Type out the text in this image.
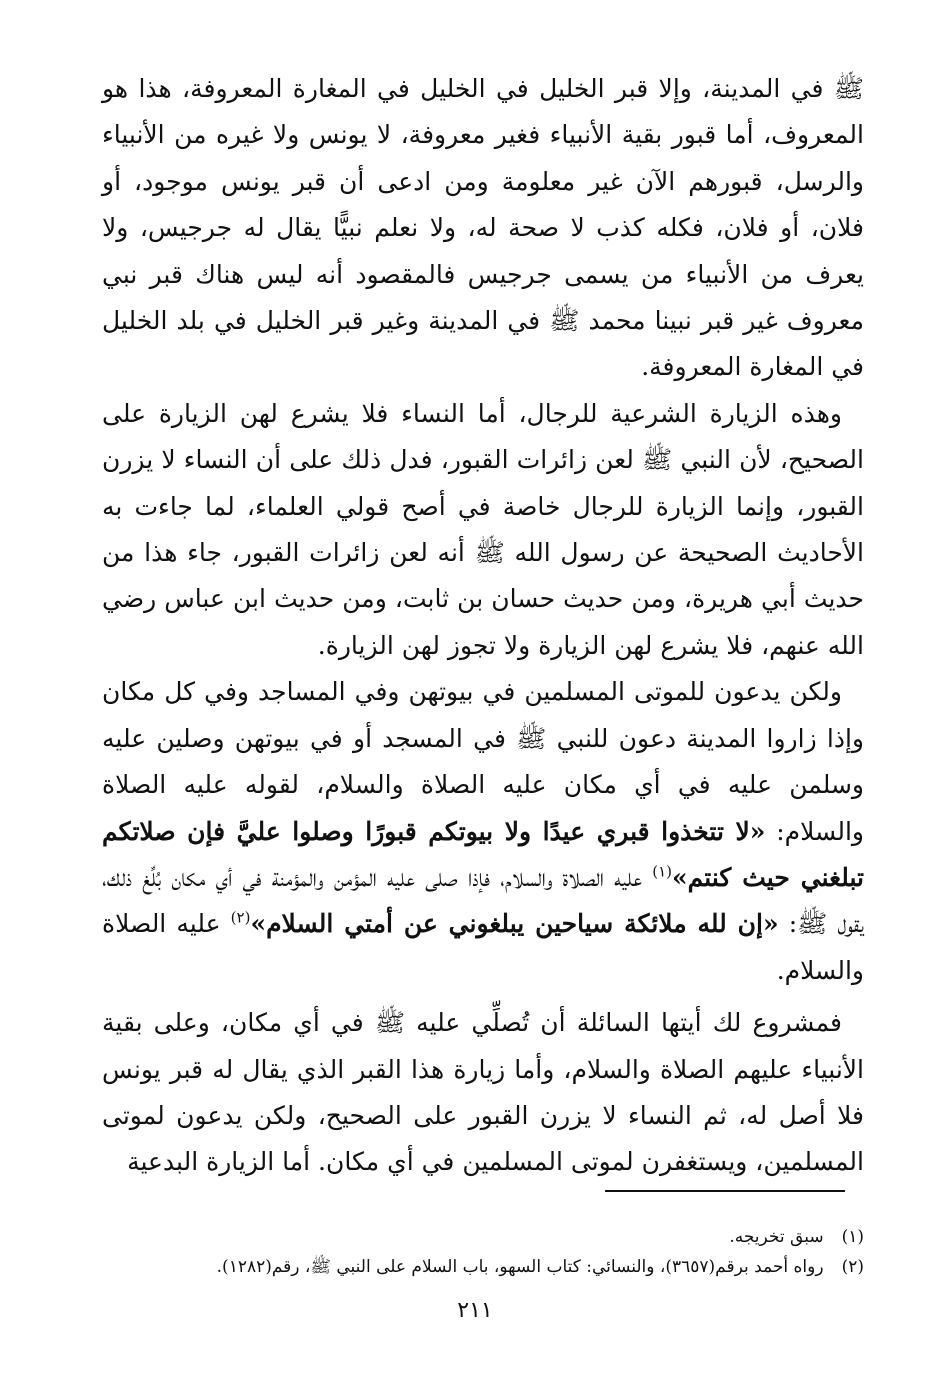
ﷺ في المدينة، وإلا قبر الخليل في الخليل في المغارة المعروفة، هذا هو المعروف، أما قبور بقية الأنبياء فغير معروفة، لا يونس ولا غيره من الأنبياء والرسل، قبورهم الآن غير معلومة ومن ادعى أن قبر يونس موجود، أو فلان، أو فلان، فكله كذب لا صحة له، ولا نعلم نبيًّا يقال له جرجيس، ولا يعرف من الأنبياء من يسمى جرجيس فالمقصود أنه ليس هناك قبر نبي معروف غير قبر نبينا محمد ﷺ في المدينة وغير قبر الخليل في بلد الخليل في المغارة المعروفة.

وهذه الزيارة الشرعية للرجال، أما النساء فلا يشرع لهن الزيارة على الصحيح، لأن النبي ﷺ لعن زائرات القبور، فدل ذلك على أن النساء لا يزرن القبور، وإنما الزيارة للرجال خاصة في أصح قولي العلماء، لما جاءت به الأحاديث الصحيحة عن رسول الله ﷺ أنه لعن زائرات القبور، جاء هذا من حديث أبي هريرة، ومن حديث حسان بن ثابت، ومن حديث ابن عباس رضي الله عنهم، فلا يشرع لهن الزيارة ولا تجوز لهن الزيارة.

ولكن يدعون للموتى المسلمين في بيوتهن وفي المساجد وفي كل مكان وإذا زاروا المدينة دعون للنبي ﷺ في المسجد أو في بيوتهن وصلين عليه وسلمن عليه في أي مكان عليه الصلاة والسلام، لقوله عليه الصلاة والسلام: «لا تتخذوا قبري عيدًا ولا بيوتكم قبورًا وصلوا عليَّ فإن صلاتكم تبلغني حيث كنتم»$^{(١)}$ عليه الصلاة والسلام، فإذا صلى عليه المؤمن والمؤمنة في أي مكان بُلِّغ ذلك، يقول ﷺ: «إن لله ملائكة سياحين يبلغوني عن أمتي السلام»$^{(٢)}$ عليه الصلاة والسلام.

فمشروع لك أيتها السائلة أن تُصلِّي عليه ﷺ في أي مكان، وعلى بقية الأنبياء عليهم الصلاة والسلام، وأما زيارة هذا القبر الذي يقال له قبر يونس فلا أصل له، ثم النساء لا يزرن القبور على الصحيح، ولكن يدعون لموتى المسلمين، ويستغفرن لموتى المسلمين في أي مكان. أما الزيارة البدعية

(١)
سبق تخريجه.
(٢)
رواه أحمد برقم(٣٦٥٧)، والنسائي: كتاب السهو، باب السلام على النبي ﷺ، رقم(١٢٨٢).
٢١١
